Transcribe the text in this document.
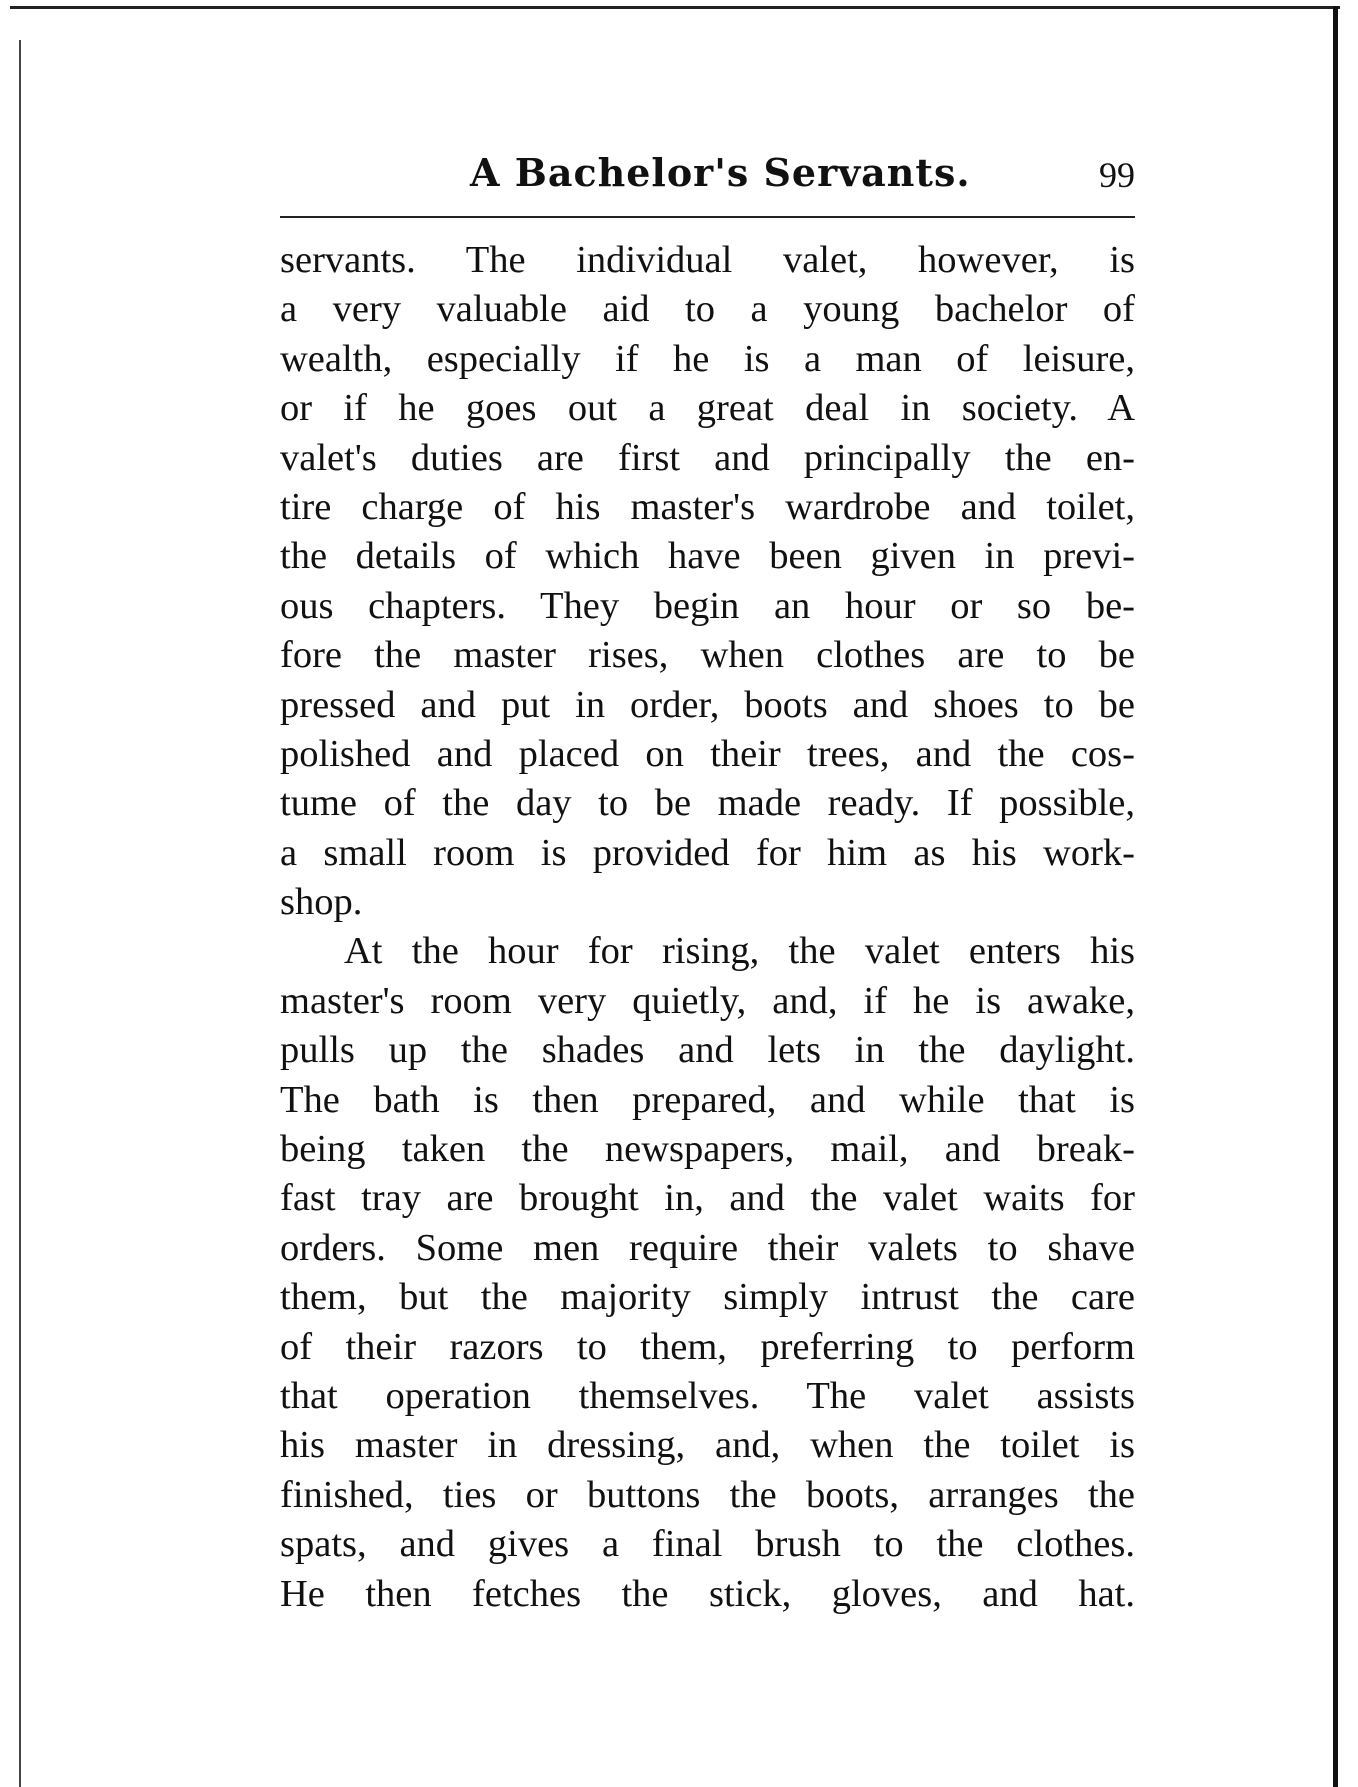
A Bachelor's Servants.	99
servants. The individual valet, however, is
a very valuable aid to a young bachelor of
wealth, especially if he is a man of leisure,
or if he goes out a great deal in society. A
valet's duties are first and principally the en-
tire charge of his master's wardrobe and toilet,
the details of which have been given in previ-
ous chapters. They begin an hour or so be-
fore the master rises, when clothes are to be
pressed and put in order, boots and shoes to be
polished and placed on their trees, and the cos-
tume of the day to be made ready. If possible,
a small room is provided for him as his work-
shop.
At the hour for rising, the valet enters his
master's room very quietly, and, if he is awake,
pulls up the shades and lets in the daylight.
The bath is then prepared, and while that is
being taken the newspapers, mail, and break-
fast tray are brought in, and the valet waits for
orders. Some men require their valets to shave
them, but the majority simply intrust the care
of their razors to them, preferring to perform
that operation themselves. The valet assists
his master in dressing, and, when the toilet is
finished, ties or buttons the boots, arranges the
spats, and gives a final brush to the clothes.
He then fetches the stick, gloves, and hat.
